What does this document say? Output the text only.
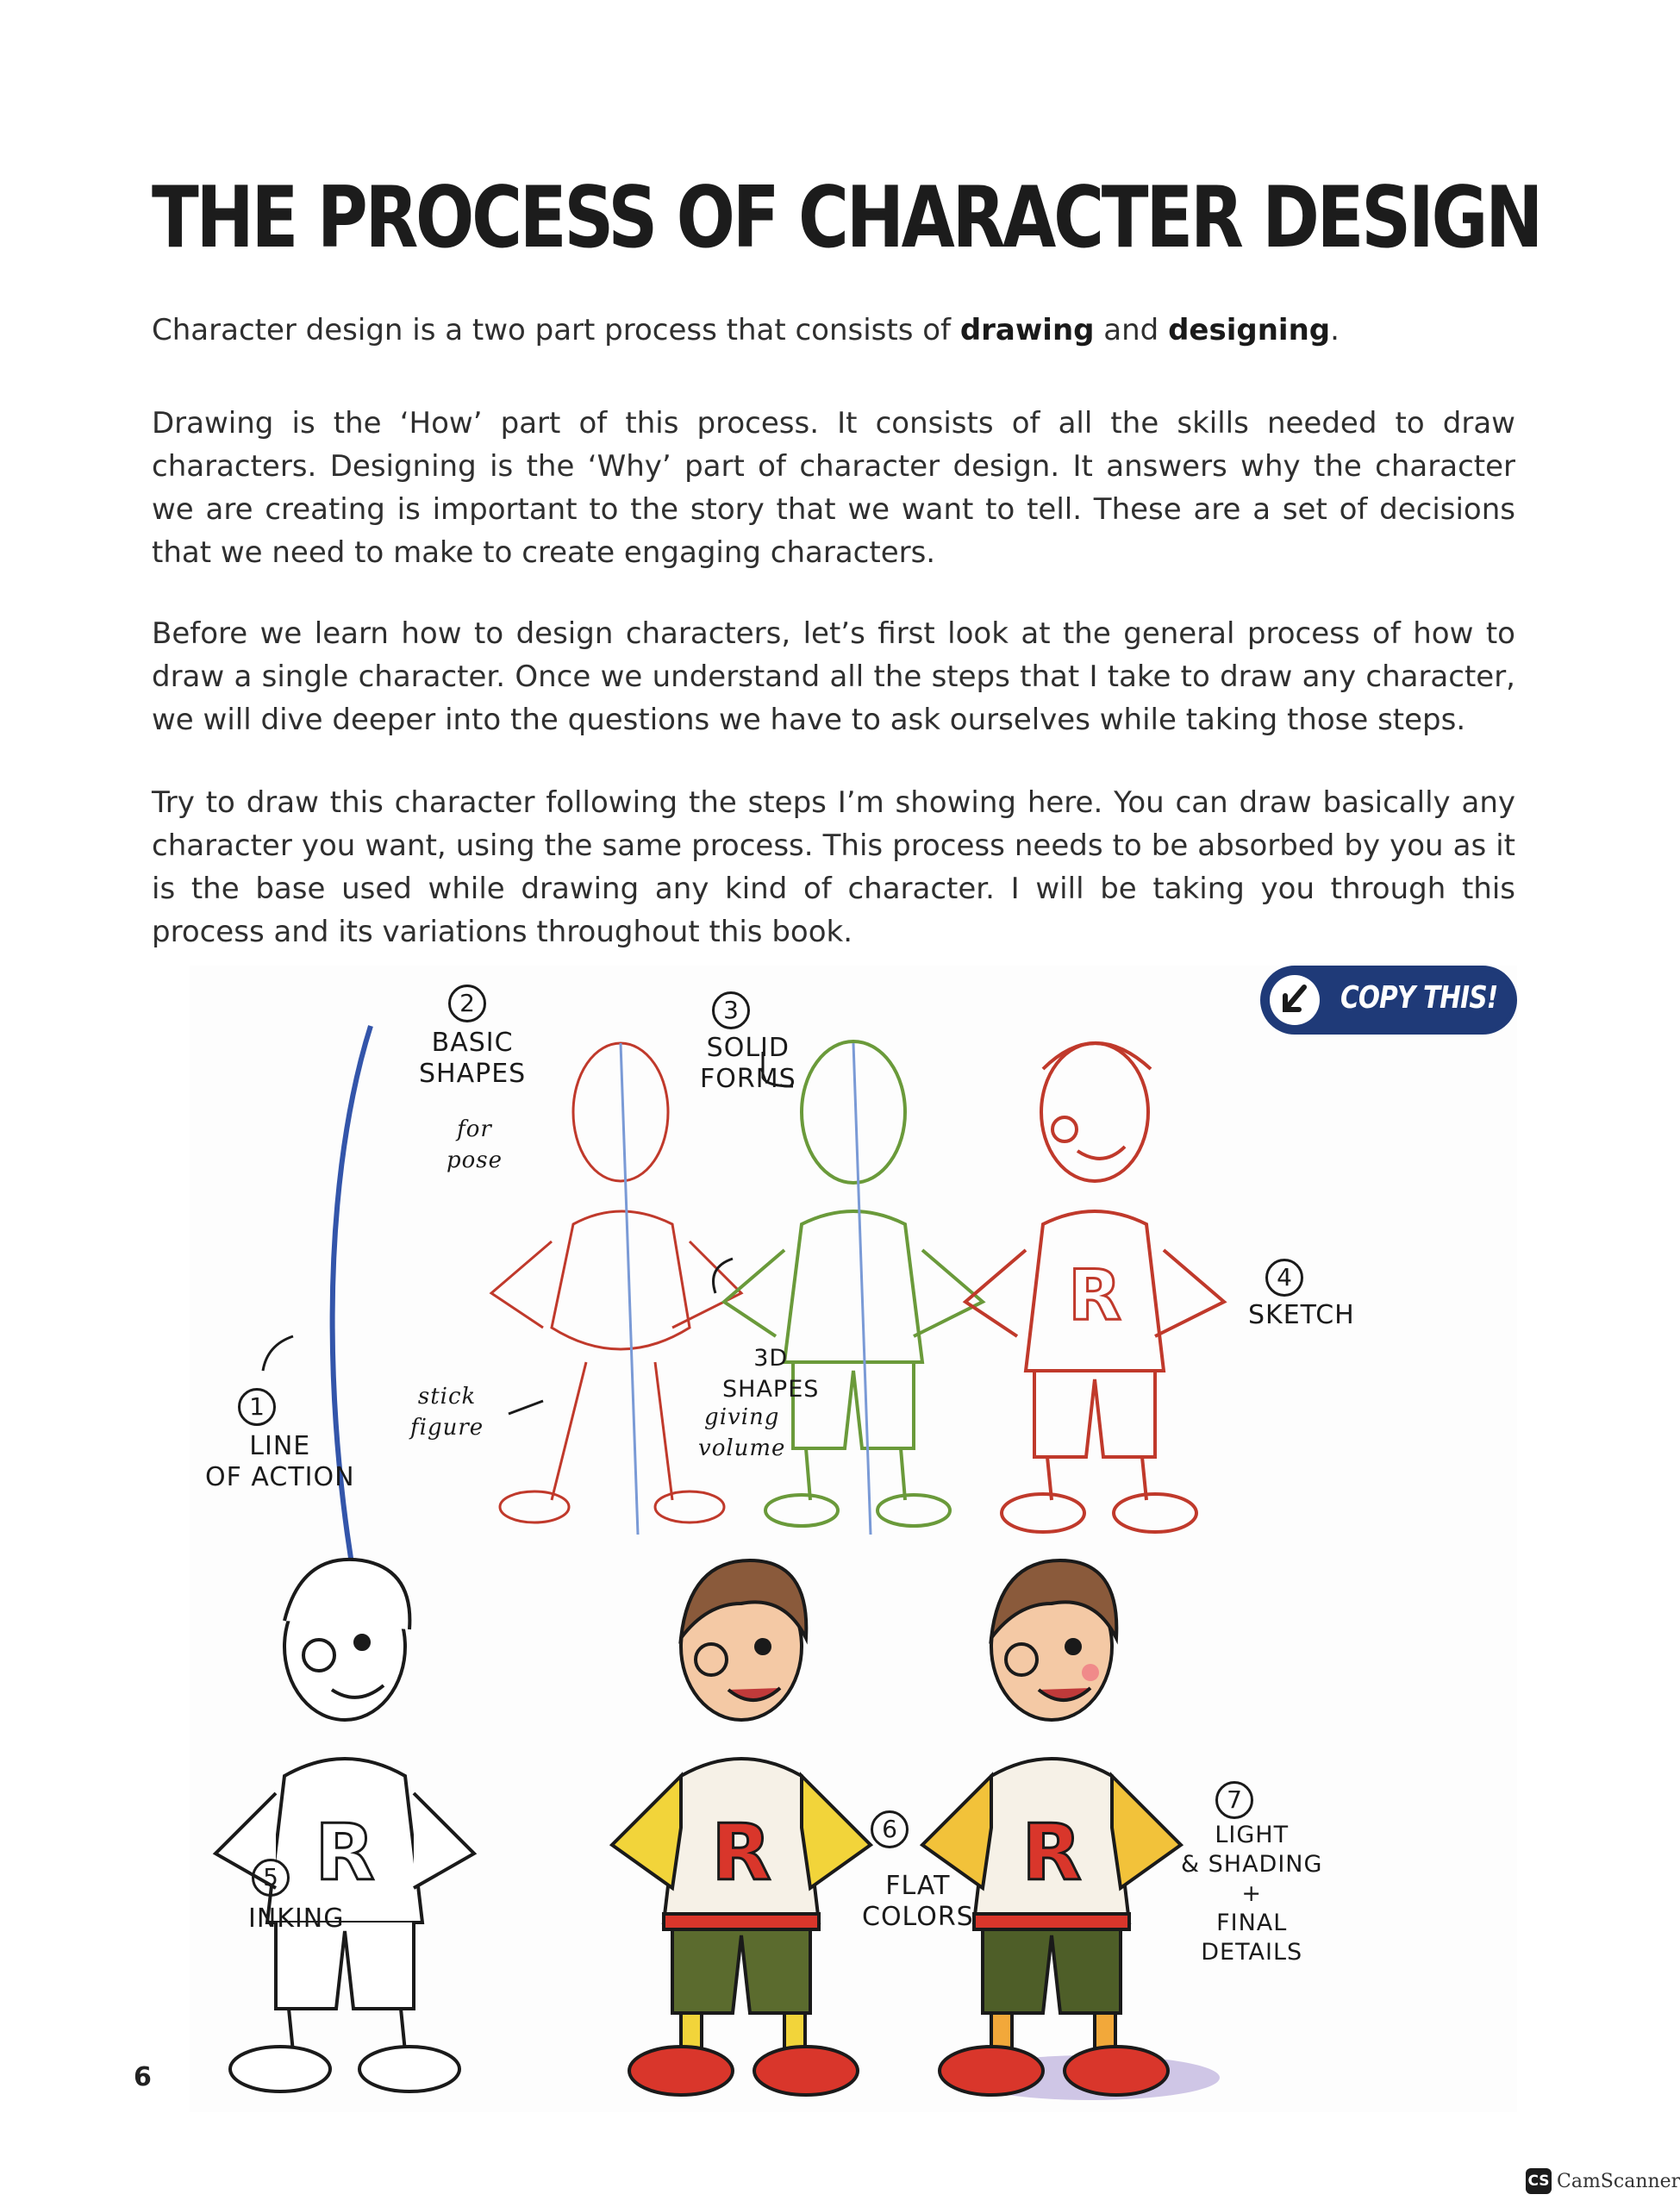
THE PROCESS OF CHARACTER DESIGN
Character design is a two part process that consists of drawing and designing.
Drawing is the ‘How’ part of this process. It consists of all the skills needed to draw characters. Designing is the ‘Why’ part of character design. It answers why the character we are creating is important to the story that we want to tell. These are a set of decisions that we need to make to create engaging characters.
Before we learn how to design characters, let’s first look at the general process of how to draw a single character. Once we understand all the steps that I take to draw any character, we will dive deeper into the questions we have to ask ourselves while taking those steps.
Try to draw this character following the steps I’m showing here. You can draw basically any character you want, using the same process. This process needs to be absorbed by you as it is the base used while drawing any kind of character. I will be taking you through this process and its variations throughout this book.
R
R	R	R
1
LINE
OF ACTION
2
BASIC
SHAPES
for
pose
3
SOLID
FORMS
4
SKETCH
5
INKING
6
FLAT
COLORS
7
LIGHT
& SHADING
+
FINAL
DETAILS
stick
figure
3D
SHAPES
giving
volume
COPY THIS!
6
CS CamScanner
